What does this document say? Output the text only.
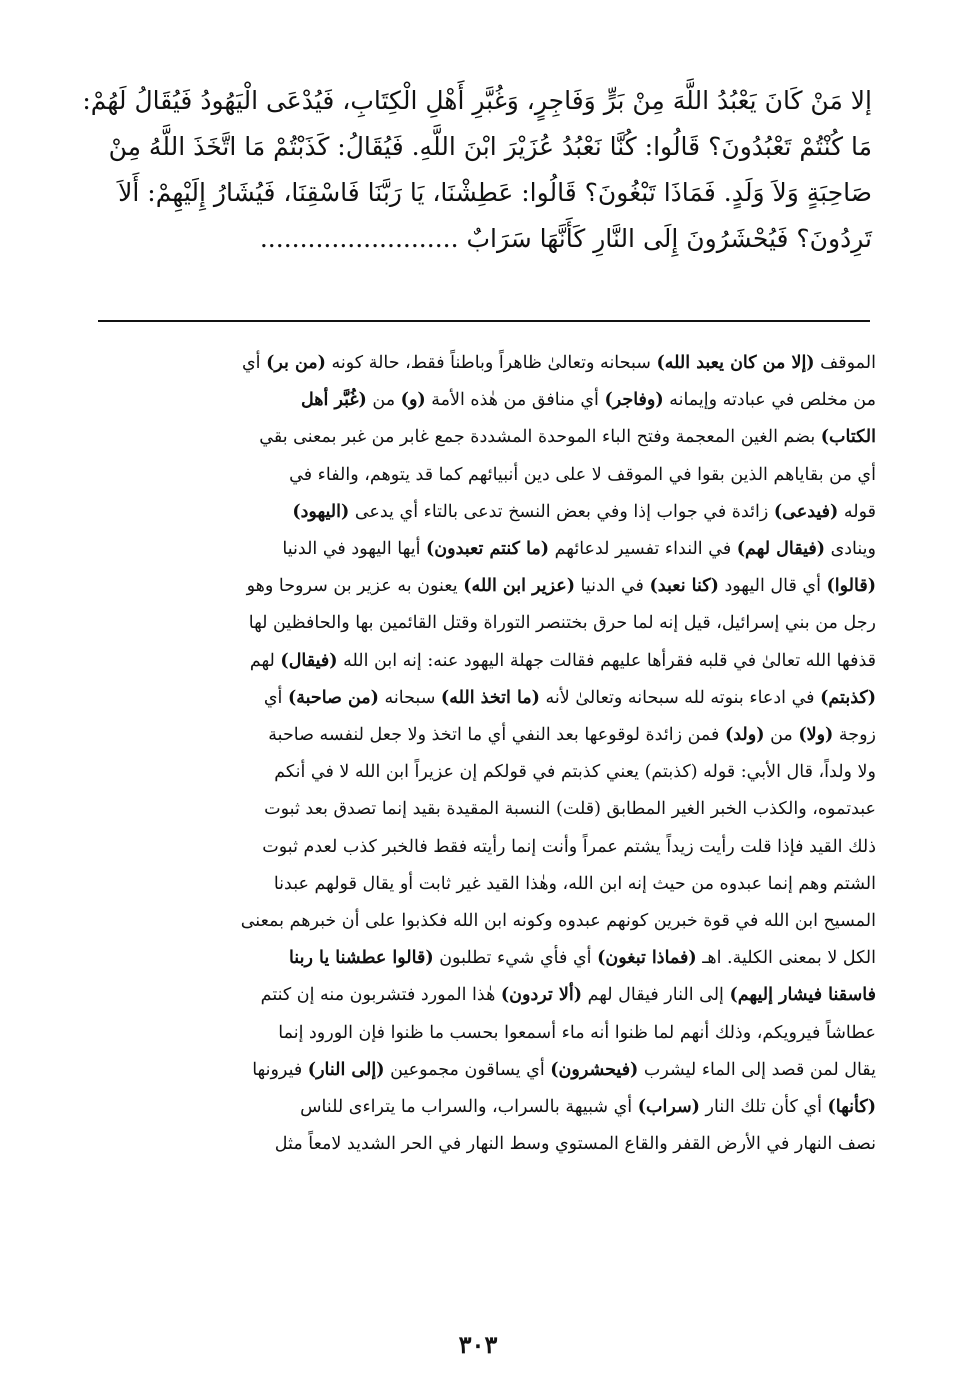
إلا مَنْ كَانَ يَعْبُدُ اللَّهَ مِنْ بَرٍّ وَفَاجِرٍ، وَغُبَّرِ أَهْلِ الْكِتَابِ، فَيُدْعَى الْيَهُودُ فَيُقَالُ لَهُمْ:

مَا كُنْتُمْ تَعْبُدُونَ؟ قَالُوا: كُنَّا نَعْبُدُ عُزَيْرَ ابْنَ اللَّهِ. فَيُقَالُ: كَذَبْتُمْ مَا اتَّخَذَ اللَّهُ مِنْ

صَاحِبَةٍ وَلاَ وَلَدٍ. فَمَاذَا تَبْغُونَ؟ قَالُوا: عَطِشْنَا، يَا رَبَّنَا فَاسْقِنَا، فَيُشَارُ إِلَيْهِمْ: أَلاَ

تَرِدُونَ؟ فَيُحْشَرُونَ إِلَى النَّارِ كَأَنَّهَا سَرَابٌ .........................

الموقف (إلا من كان يعبد الله) سبحانه وتعالىٰ ظاهراً وباطناً فقط، حالة كونه (من بر) أي

من مخلص في عبادته وإيمانه (وفاجر) أي منافق من هٰذه الأمة (و) من (غُبَّر أهل

الكتاب) بضم الغين المعجمة وفتح الباء الموحدة المشددة جمع غابر من غبر بمعنى بقي

أي من بقاياهم الذين بقوا في الموقف لا على دين أنبيائهم كما قد يتوهم، والفاء في

قوله (فيدعى) زائدة في جواب إذا وفي بعض النسخ تدعى بالتاء أي يدعى (اليهود)

وينادى (فيقال لهم) في النداء تفسير لدعائهم (ما كنتم تعبدون) أيها اليهود في الدنيا

(قالوا) أي قال اليهود (كنا نعبد) في الدنيا (عزير ابن الله) يعنون به عزير بن سروحا وهو

رجل من بني إسرائيل، قيل إنه لما حرق بختنصر التوراة وقتل القائمين بها والحافظين لها

قذفها الله تعالىٰ في قلبه فقرأها عليهم فقالت جهلة اليهود عنه: إنه ابن الله (فيقال) لهم

(كذبتم) في ادعاء بنوته لله سبحانه وتعالىٰ لأنه (ما اتخذ الله) سبحانه (من صاحبة) أي

زوجة (ولا) من (ولد) فمن زائدة لوقوعها بعد النفي أي ما اتخذ ولا جعل لنفسه صاحبة

ولا ولداً، قال الأبي: قوله (كذبتم) يعني كذبتم في قولكم إن عزيراً ابن الله لا في أنكم

عبدتموه، والكذب الخبر الغير المطابق (قلت) النسبة المقيدة بقيد إنما تصدق بعد ثبوت

ذلك القيد فإذا قلت رأيت زيداً يشتم عمراً وأنت إنما رأيته فقط فالخبر كذب لعدم ثبوت

الشتم وهم إنما عبدوه من حيث إنه ابن الله، وهٰذا القيد غير ثابت أو يقال قولهم عبدنا

المسيح ابن الله في قوة خبرين كونهم عبدوه وكونه ابن الله فكذبوا على أن خبرهم بمعنى

الكل لا بمعنى الكلية. اهـ (فماذا تبغون) أي فأي شيء تطلبون (قالوا عطشنا يا ربنا

فاسقنا فيشار إليهم) إلى النار فيقال لهم (ألا تردون) هٰذا المورد فتشربون منه إن كنتم

عطاشاً فيرويكم، وذلك أنهم لما ظنوا أنه ماء أسمعوا بحسب ما ظنوا فإن الورود إنما

يقال لمن قصد إلى الماء ليشرب (فيحشرون) أي يساقون مجموعين (إلى النار) فيرونها

(كأنها) أي كأن تلك النار (سراب) أي شبيهة بالسراب، والسراب ما يتراءى للناس

نصف النهار في الأرض القفر والقاع المستوي وسط النهار في الحر الشديد لامعاً مثل

٣٠٣
